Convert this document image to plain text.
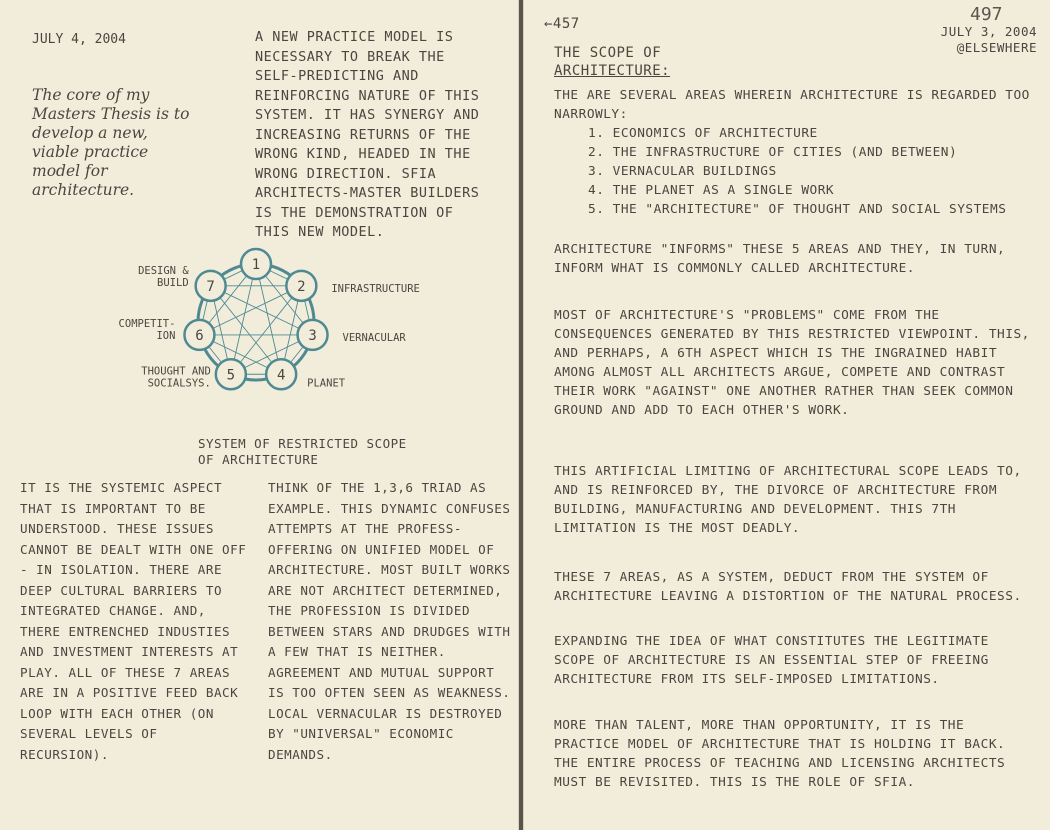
JULY 4, 2004
The core of my Masters Thesis is to develop a new, viable practice model for architecture.
A NEW PRACTICE MODEL IS NECESSARY TO BREAK THE SELF-PREDICTING AND REINFORCING NATURE OF THIS SYSTEM. IT HAS SYNERGY AND INCREASING RETURNS OF THE WRONG KIND, HEADED IN THE WRONG DIRECTION. SFIA ARCHITECTS-MASTER BUILDERS IS THE DEMONSTRATION OF THIS NEW MODEL.
1
2
3
4
5
6
7	INFRASTRUCTURE
VERNACULAR
PLANET
THOUGHT AND SOCIALSYS.
COMPETIT-ION
DESIGN & BUILD
SYSTEM OF RESTRICTED SCOPE OF ARCHITECTURE
IT IS THE SYSTEMIC ASPECT THAT IS IMPORTANT TO BE UNDERSTOOD. THESE ISSUES CANNOT BE DEALT WITH ONE OFF - IN ISOLATION. THERE ARE DEEP CULTURAL BARRIERS TO INTEGRATED CHANGE. AND, THERE ENTRENCHED INDUSTIES AND INVESTMENT INTERESTS AT PLAY. ALL OF THESE 7 AREAS ARE IN A POSITIVE FEED BACK LOOP WITH EACH OTHER (ON SEVERAL LEVELS OF RECURSION).
THINK OF THE 1,3,6 TRIAD AS EXAMPLE. THIS DYNAMIC CONFUSES ATTEMPTS AT THE PROFESS- OFFERING ON UNIFIED MODEL OF ARCHITECTURE. MOST BUILT WORKS ARE NOT ARCHITECT DETERMINED, THE PROFESSION IS DIVIDED BETWEEN STARS AND DRUDGES WITH A FEW THAT IS NEITHER. AGREEMENT AND MUTUAL SUPPORT IS TOO OFTEN SEEN AS WEAKNESS. LOCAL VERNACULAR IS DESTROYED BY "UNIVERSAL" ECONOMIC DEMANDS.
←457	497
JULY 3, 2004
@ELSEWHERE

THE SCOPE OF

ARCHITECTURE:

THE ARE SEVERAL AREAS WHEREIN ARCHITECTURE IS REGARDED TOO NARROWLY:
1. ECONOMICS OF ARCHITECTURE
2. THE INFRASTRUCTURE OF CITIES (AND BETWEEN)
3. VERNACULAR BUILDINGS
4. THE PLANET AS A SINGLE WORK
5. THE "ARCHITECTURE" OF THOUGHT AND SOCIAL SYSTEMS
ARCHITECTURE "INFORMS" THESE 5 AREAS AND THEY, IN TURN, INFORM WHAT IS COMMONLY CALLED ARCHITECTURE.
MOST OF ARCHITECTURE'S "PROBLEMS" COME FROM THE CONSEQUENCES GENERATED BY THIS RESTRICTED VIEWPOINT. THIS, AND PERHAPS, A 6TH ASPECT WHICH IS THE INGRAINED HABIT AMONG ALMOST ALL ARCHITECTS ARGUE, COMPETE AND CONTRAST THEIR WORK "AGAINST" ONE ANOTHER RATHER THAN SEEK COMMON GROUND AND ADD TO EACH OTHER'S WORK.
THIS ARTIFICIAL LIMITING OF ARCHITECTURAL SCOPE LEADS TO, AND IS REINFORCED BY, THE DIVORCE OF ARCHITECTURE FROM BUILDING, MANUFACTURING AND DEVELOPMENT. THIS 7TH LIMITATION IS THE MOST DEADLY.
THESE 7 AREAS, AS A SYSTEM, DEDUCT FROM THE SYSTEM OF ARCHITECTURE LEAVING A DISTORTION OF THE NATURAL PROCESS.
EXPANDING THE IDEA OF WHAT CONSTITUTES THE LEGITIMATE SCOPE OF ARCHITECTURE IS AN ESSENTIAL STEP OF FREEING ARCHITECTURE FROM ITS SELF-IMPOSED LIMITATIONS.
MORE THAN TALENT, MORE THAN OPPORTUNITY, IT IS THE PRACTICE MODEL OF ARCHITECTURE THAT IS HOLDING IT BACK. THE ENTIRE PROCESS OF TEACHING AND LICENSING ARCHITECTS MUST BE REVISITED. THIS IS THE ROLE OF SFIA.
